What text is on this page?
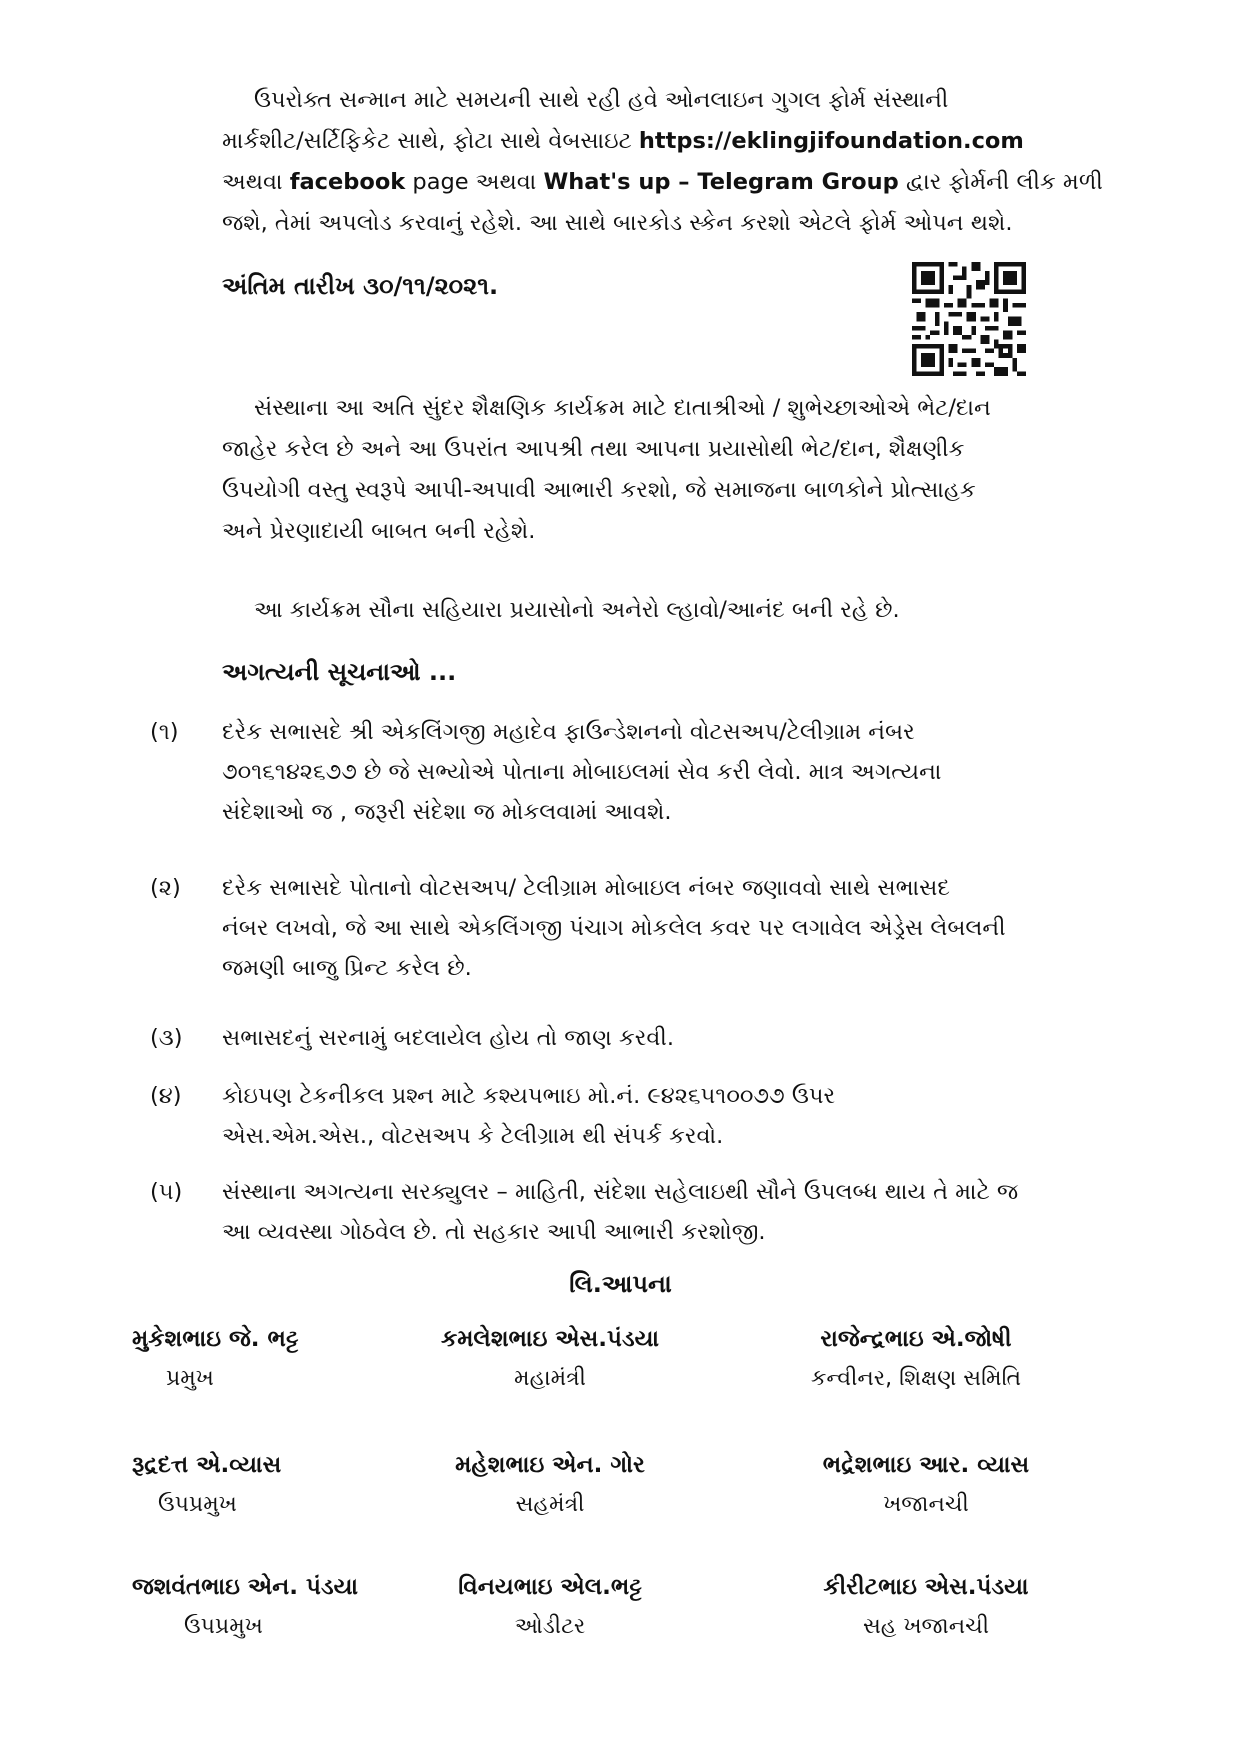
ઉપરોક્ત સન્માન માટે સમયની સાથે રહી હવે ઓનલાઇન ગુગલ ફોર્મ સંસ્થાની
માર્કશીટ/સર્ટિફિકેટ સાથે, ફોટા સાથે વેબસાઇટ https://eklingjifoundation.com
અથવા facebook page અથવા What's up – Telegram Group દ્વાર ફોર્મની લીક મળી
જશે, તેમાં અપલોડ કરવાનું રહેશે. આ સાથે બારકોડ સ્કેન કરશો એટલે ફોર્મ ઓપન થશે.
અંતિમ તારીખ ૩૦/૧૧/૨૦૨૧.
સંસ્થાના આ અતિ સુંદર શૈક્ષણિક કાર્યક્રમ માટે દાતાશ્રીઓ / શુભેચ્છાઓએ ભેટ/દાન
જાહેર કરેલ છે અને આ ઉપરાંત આપશ્રી તથા આપના પ્રયાસોથી ભેટ/દાન, શૈક્ષણીક
ઉપયોગી વસ્તુ સ્વરૂપે આપી-અપાવી આભારી કરશો, જે સમાજના બાળકોને પ્રોત્સાહક
અને પ્રેરણાદાયી બાબત બની રહેશે.
આ કાર્યક્રમ સૌના સહિયારા પ્રયાસોનો અનેરો લ્હાવો/આનંદ બની રહે છે.
અગત્યની સૂચનાઓ ...
(૧)	દરેક સભાસદે શ્રી એકલિંગજી મહાદેવ ફાઉન્ડેશનનો વોટસઅપ/ટેલીગ્રામ નંબર
૭૦૧૬૧૪૨૬૭૭ છે જે સભ્યોએ પોતાના મોબાઇલમાં સેવ કરી લેવો. માત્ર અગત્યના
સંદેશાઓ જ , જરૂરી સંદેશા જ મોકલવામાં આવશે.
(૨)	દરેક સભાસદે પોતાનો વોટસઅપ/ ટેલીગ્રામ મોબાઇલ નંબર જણાવવો સાથે સભાસદ
નંબર લખવો, જે આ સાથે એકલિંગજી પંચાગ મોકલેલ કવર પર લગાવેલ એડ્રેસ લેબલની
જમણી બાજુ પ્રિન્ટ કરેલ છે.
(૩)	સભાસદનું સરનામું બદલાયેલ હોય તો જાણ કરવી.
(૪)	કોઇપણ ટેકનીકલ પ્રશ્ન માટે કશ્યપભાઇ મો.નં. ૯૪૨૬૫૧૦૦૭૭ ઉપર
એસ.એમ.એસ., વોટસઅપ કે ટેલીગ્રામ થી સંપર્ક કરવો.
(૫)	સંસ્થાના અગત્યના સરક્યુલર – માહિતી, સંદેશા સહેલાઇથી સૌને ઉપલબ્ધ થાય તે માટે જ
આ વ્યવસ્થા ગોઠવેલ છે. તો સહકાર આપી આભારી કરશોજી.
લિ.આપના
મુકેશભાઇ જે. ભટ્ટ
પ્રમુખ
કમલેશભાઇ એસ.પંડયા
મહામંત્રી
રાજેન્દ્રભાઇ એ.જોષી
કન્વીનર, શિક્ષણ સમિતિ
રૂદ્રદત્ત એ.વ્યાસ
ઉપપ્રમુખ
મહેશભાઇ એન. ગોર
સહમંત્રી
ભદ્રેશભાઇ આર. વ્યાસ
ખજાનચી
જશવંતભાઇ એન. પંડયા
ઉપપ્રમુખ
વિનયભાઇ એલ.ભટ્ટ
ઓડીટર
કીરીટભાઇ એસ.પંડયા
સહ ખજાનચી
